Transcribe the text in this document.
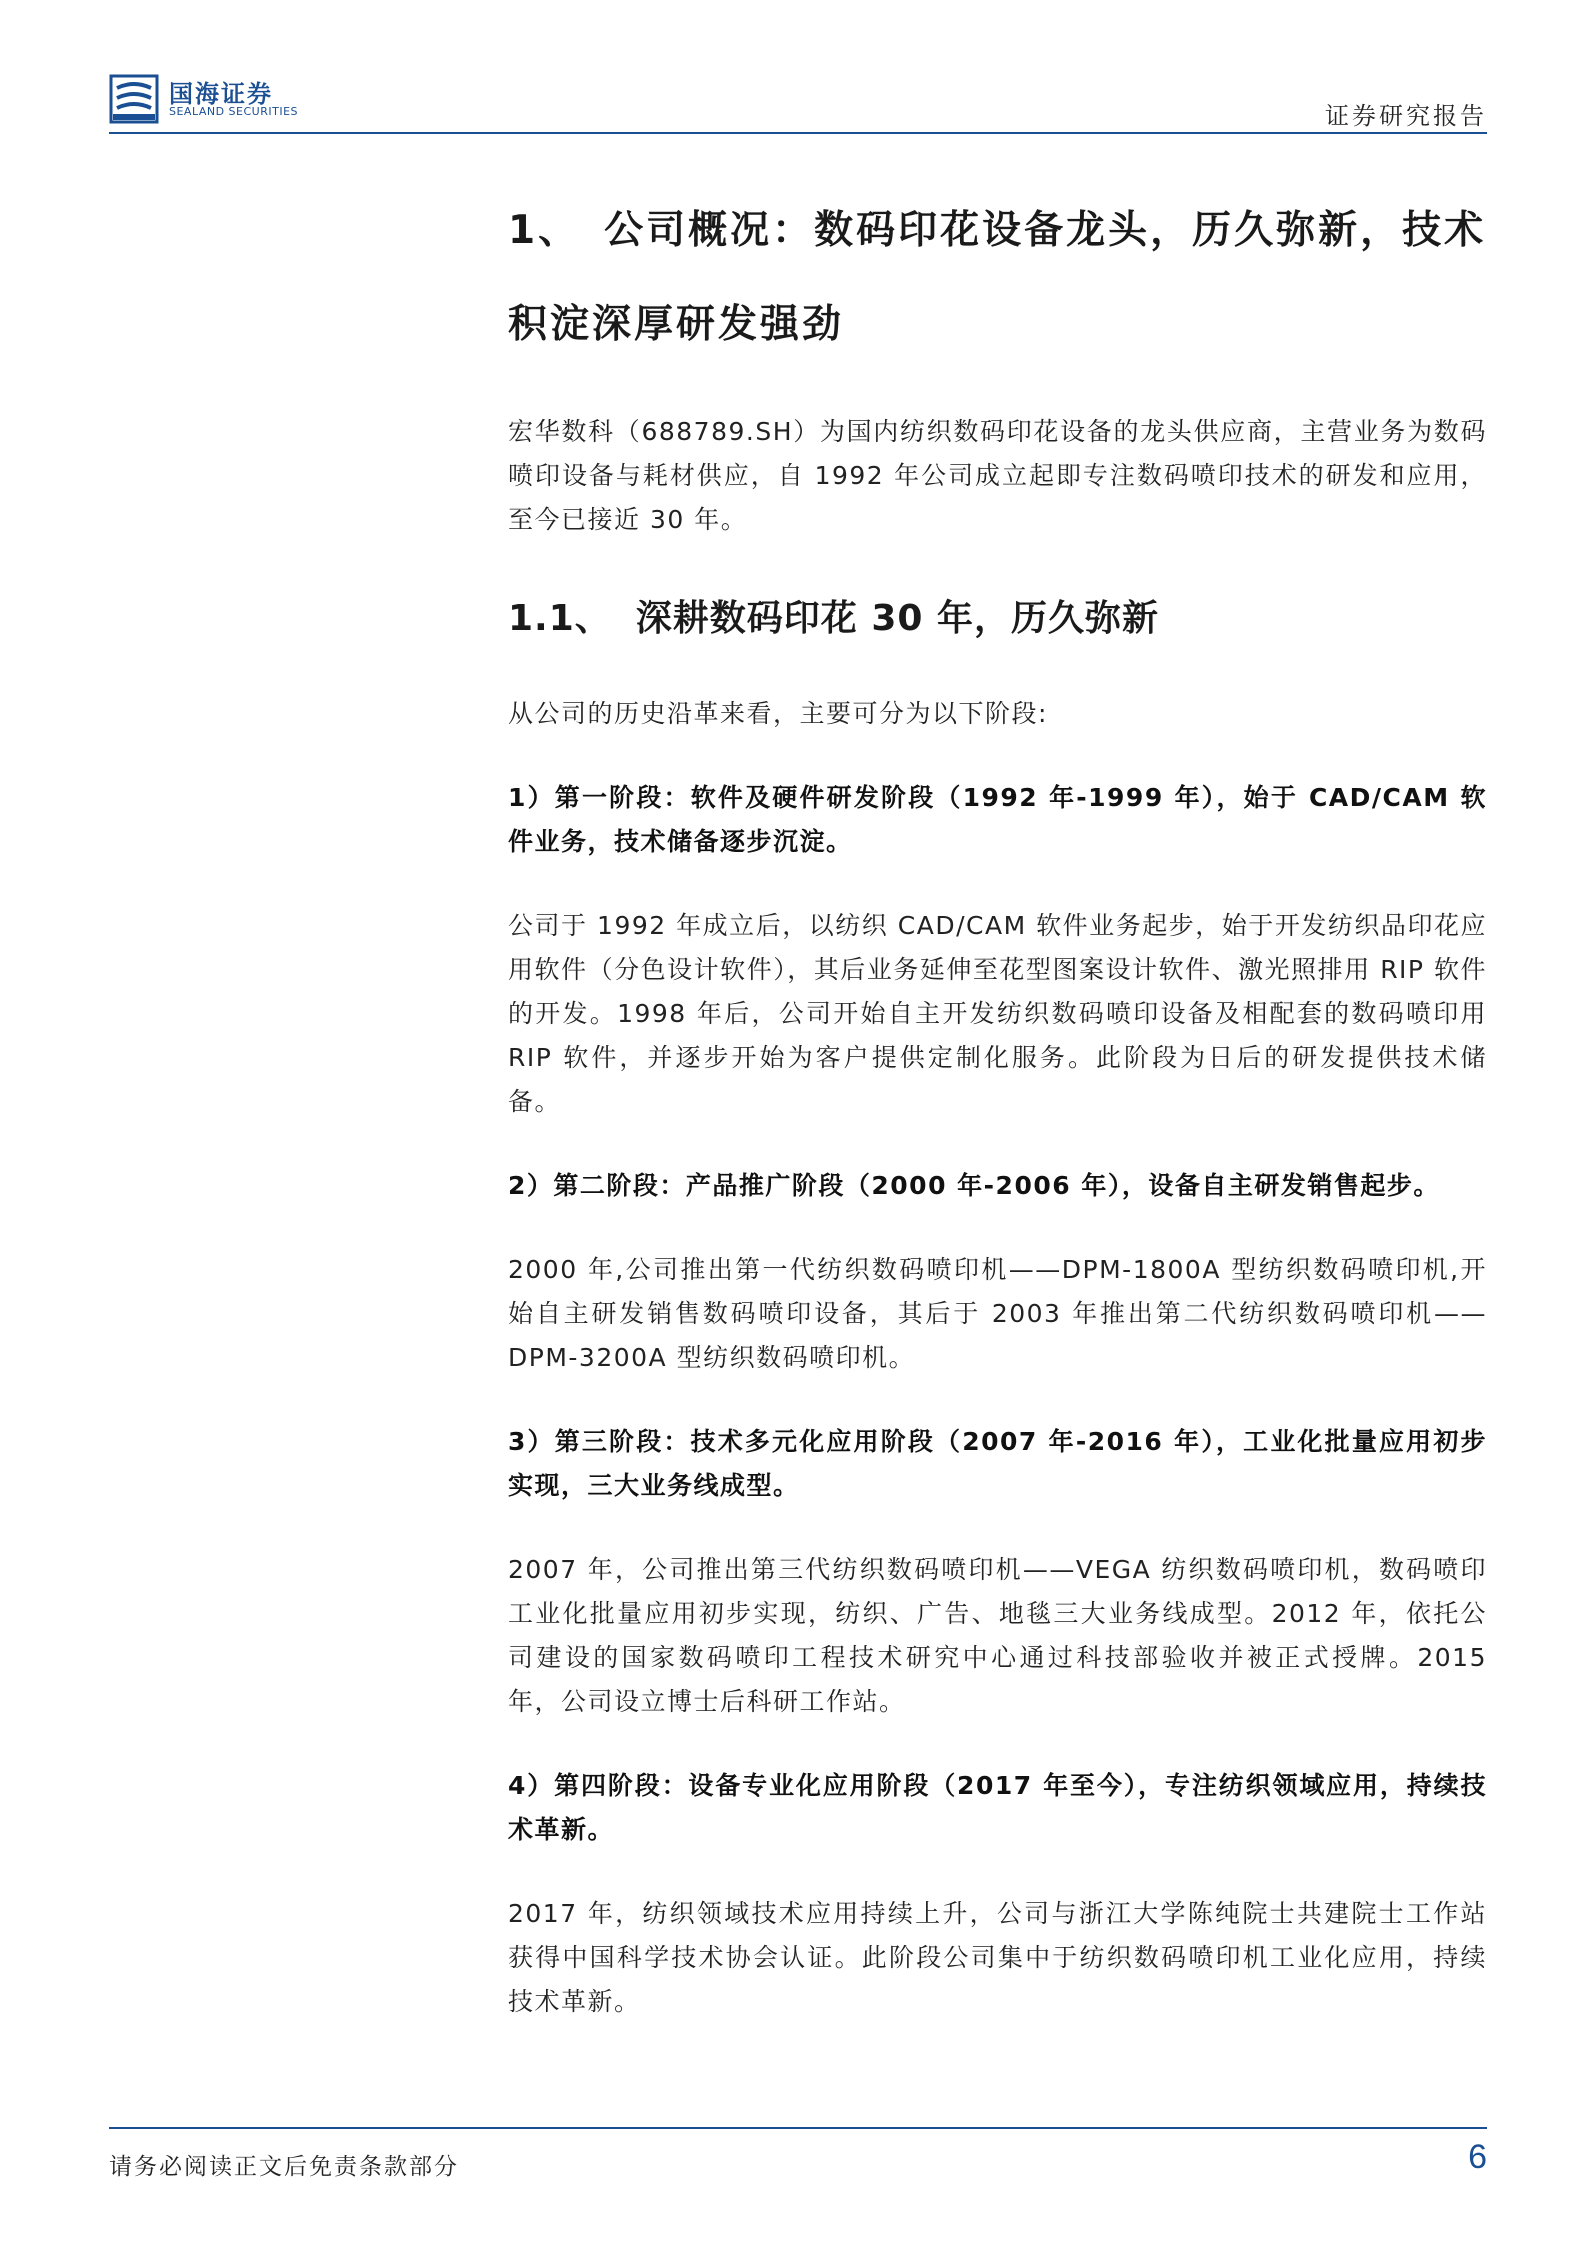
国海证券
SEALAND SECURITIES	证券研究报告
1、 公司概况：数码印花设备龙头，历久弥新，技术
积淀深厚研发强劲

宏华数科（688789.SH）为国内纺织数码印花设备的龙头供应商，主营业务为数码喷印设备与耗材供应，自 1992 年公司成立起即专注数码喷印技术的研发和应用，至今已接近 30 年。

1.1、 深耕数码印花 30 年，历久弥新

从公司的历史沿革来看，主要可分为以下阶段:

1）第一阶段：软件及硬件研发阶段（1992 年-1999 年），始于 CAD/CAM 软件业务，技术储备逐步沉淀。

公司于 1992 年成立后，以纺织 CAD/CAM 软件业务起步，始于开发纺织品印花应用软件（分色设计软件），其后业务延伸至花型图案设计软件、激光照排用 RIP 软件的开发。1998 年后，公司开始自主开发纺织数码喷印设备及相配套的数码喷印用 RIP 软件，并逐步开始为客户提供定制化服务。此阶段为日后的研发提供技术储备。

2）第二阶段：产品推广阶段（2000 年-2006 年），设备自主研发销售起步。

2000 年,公司推出第一代纺织数码喷印机——DPM-1800A 型纺织数码喷印机,开始自主研发销售数码喷印设备，其后于 2003 年推出第二代纺织数码喷印机——DPM-3200A 型纺织数码喷印机。

3）第三阶段：技术多元化应用阶段（2007 年-2016 年），工业化批量应用初步实现，三大业务线成型。

2007 年，公司推出第三代纺织数码喷印机——VEGA 纺织数码喷印机，数码喷印工业化批量应用初步实现，纺织、广告、地毯三大业务线成型。2012 年，依托公司建设的国家数码喷印工程技术研究中心通过科技部验收并被正式授牌。2015 年，公司设立博士后科研工作站。

4）第四阶段：设备专业化应用阶段（2017 年至今），专注纺织领域应用，持续技术革新。

2017 年，纺织领域技术应用持续上升，公司与浙江大学陈纯院士共建院士工作站获得中国科学技术协会认证。此阶段公司集中于纺织数码喷印机工业化应用，持续技术革新。

请务必阅读正文后免责条款部分	6
